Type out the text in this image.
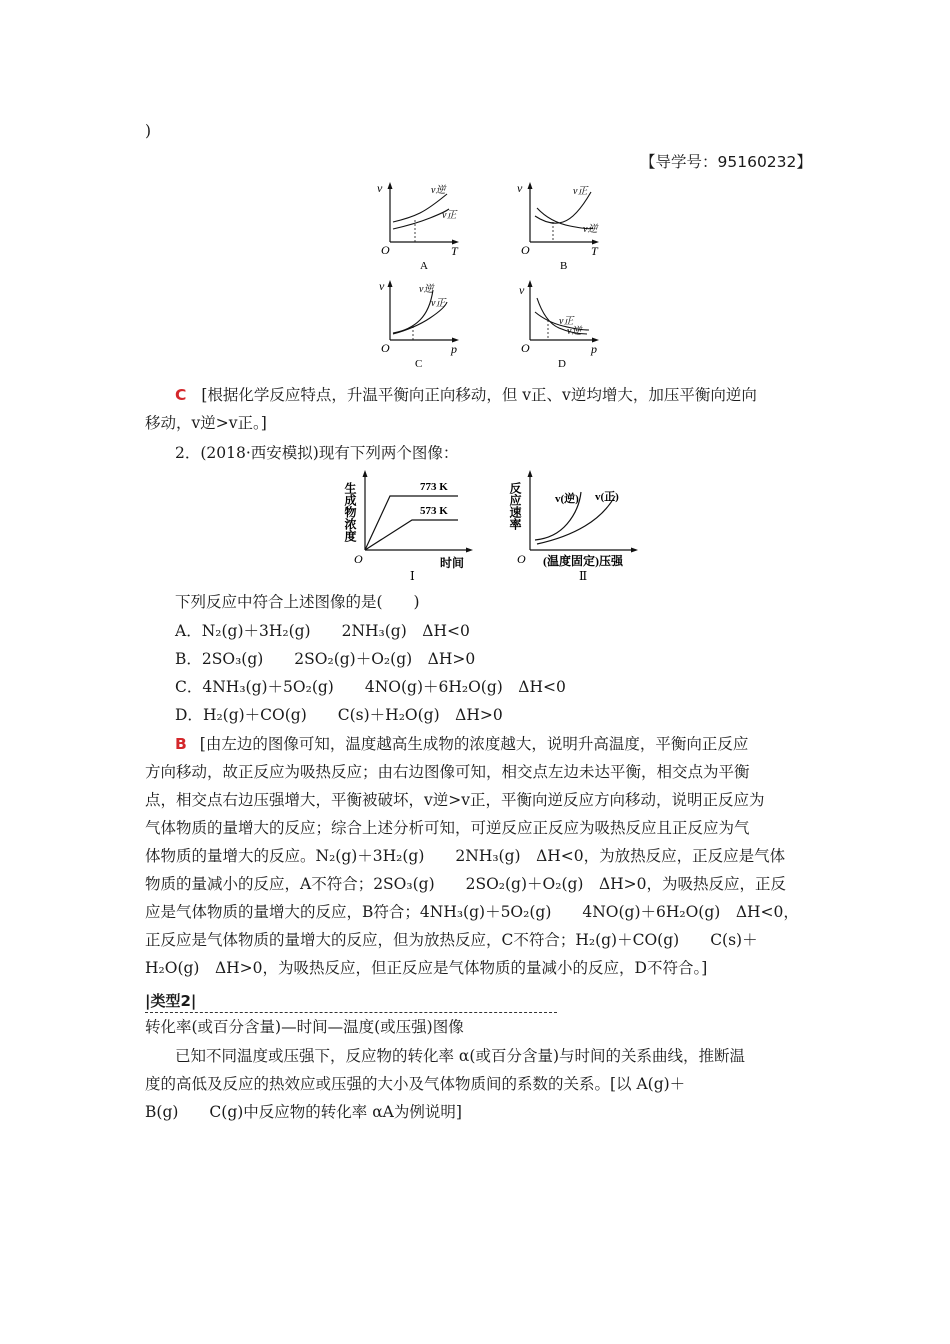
)
【导学号：95160232】
v
O	T
v逆
v正
A
v
O	T
v正
v逆
B
v
O	p
v逆
v正
C
v
O	p
v正
v逆
D
C [根据化学反应特点，升温平衡向正向移动，但 v正、v逆均增大，加压平衡向逆向
移动，v逆>v正。]
2．(2018·西安模拟)现有下列两个图像：
生成物浓度
O
773 K
573 K
时间
Ⅰ
反应速率
O
v(逆) v(正)
(温度固定)压强
Ⅱ
下列反应中符合上述图像的是(　　)
A．N₂(g)＋3H₂(g)　　2NH₃(g)　ΔH<0
B．2SO₃(g)　　2SO₂(g)＋O₂(g)　ΔH>0
C．4NH₃(g)＋5O₂(g)　　4NO(g)＋6H₂O(g)　ΔH<0
D．H₂(g)＋CO(g)　　C(s)＋H₂O(g)　ΔH>0
B [由左边的图像可知，温度越高生成物的浓度越大，说明升高温度，平衡向正反应
方向移动，故正反应为吸热反应；由右边图像可知，相交点左边未达平衡，相交点为平衡
点，相交点右边压强增大，平衡被破坏，v逆>v正，平衡向逆反应方向移动，说明正反应为
气体物质的量增大的反应；综合上述分析可知，可逆反应正反应为吸热反应且正反应为气
体物质的量增大的反应。N₂(g)＋3H₂(g)　　2NH₃(g)　ΔH<0，为放热反应，正反应是气体
物质的量减小的反应，A不符合；2SO₃(g)　　2SO₂(g)＋O₂(g)　ΔH>0，为吸热反应，正反
应是气体物质的量增大的反应，B符合；4NH₃(g)＋5O₂(g)　　4NO(g)＋6H₂O(g)　ΔH<0，
正反应是气体物质的量增大的反应，但为放热反应，C不符合；H₂(g)＋CO(g)　　C(s)＋
H₂O(g)　ΔH>0，为吸热反应，但正反应是气体物质的量减小的反应，D不符合。]
|类型2|
转化率(或百分含量)—时间—温度(或压强)图像
已知不同温度或压强下，反应物的转化率 α(或百分含量)与时间的关系曲线，推断温
度的高低及反应的热效应或压强的大小及气体物质间的系数的关系。[以 A(g)＋
B(g)　　C(g)中反应物的转化率 αA为例说明]
